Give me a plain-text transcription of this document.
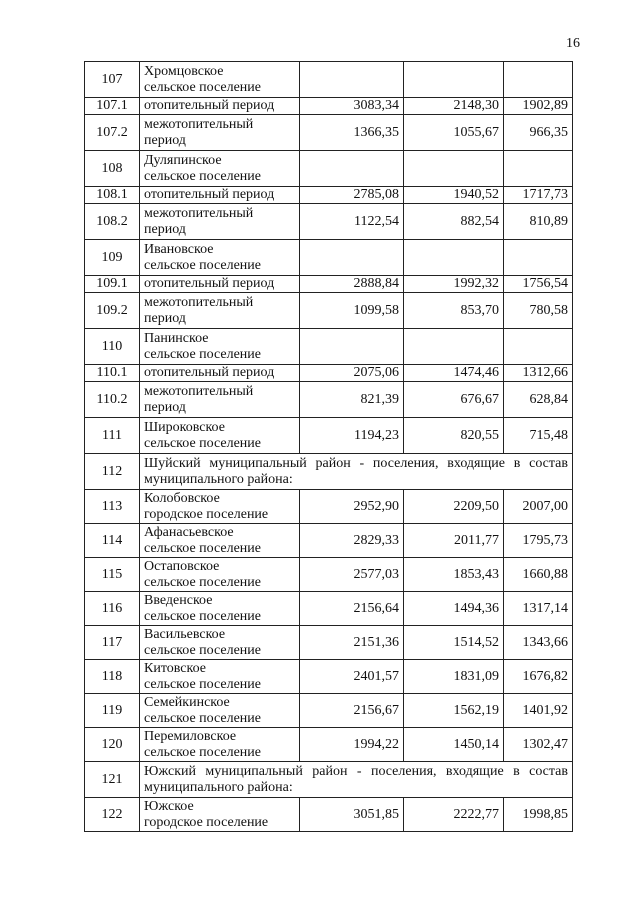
16
107	Хромцовское
сельское поселение			

107.1	отопительный период	3083,34	2148,30	1902,89
107.2	межотопительный
период	1366,35	1055,67	966,35
108	Дуляпинское
сельское поселение			

108.1	отопительный период	2785,08	1940,52	1717,73
108.2	межотопительный
период	1122,54	882,54	810,89
109	Ивановское
сельское поселение			

109.1	отопительный период	2888,84	1992,32	1756,54
109.2	межотопительный
период	1099,58	853,70	780,58
110	Панинское
сельское поселение			

110.1	отопительный период	2075,06	1474,46	1312,66
110.2	межотопительный
период	821,39	676,67	628,84
111	Широковское
сельское поселение	1194,23	820,55	715,48
112	Шуйский муниципальный район - поселения, входящие в состав муниципального района:			
113	Колобовское
городское поселение	2952,90	2209,50	2007,00
114	Афанасьевское
сельское поселение	2829,33	2011,77	1795,73
115	Остаповское
сельское поселение	2577,03	1853,43	1660,88
116	Введенское
сельское поселение	2156,64	1494,36	1317,14
117	Васильевское
сельское поселение	2151,36	1514,52	1343,66
118	Китовское
сельское поселение	2401,57	1831,09	1676,82
119	Семейкинское
сельское поселение	2156,67	1562,19	1401,92
120	Перемиловское
сельское поселение	1994,22	1450,14	1302,47
121	Южский муниципальный район - поселения, входящие в состав муниципального района:			
122	Южское
городское поселение	3051,85	2222,77	1998,85
